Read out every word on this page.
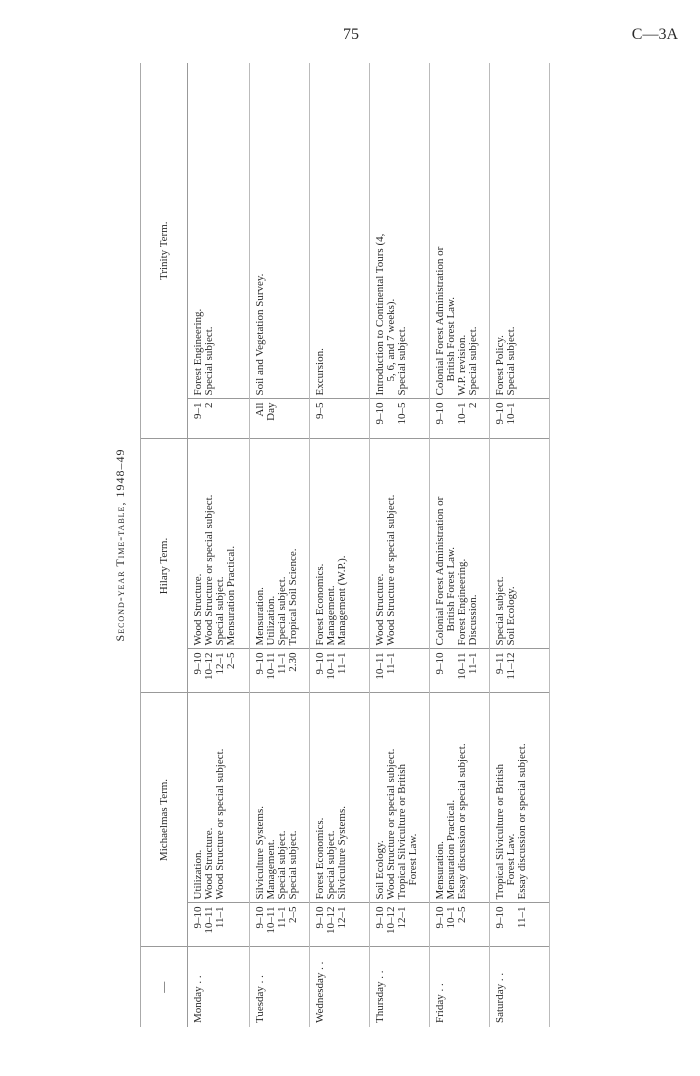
75	C—3A
Second-year Time-table, 1948–49
—	Michaelmas Term.		Hilary Term.		Trinity Term.	
Monday . .	9–10 10–11 11–1	Utilization. Wood Structure. Wood Structure or special subject.	9–10 10–12 12–1 2–5	Wood Structure. Wood Structure or special subject. Special subject. Mensuration Practical.	9–1 2	Forest Engineering. Special subject.

Tuesday . .	9–10 10–11 11–1 2–5	Silviculture Systems. Management. Special subject. Special subject.	9–10 10–11 11–1 2.30	Mensuration. Utilization. Special subject. Tropical Soil Science.	All Day	Soil and Vegetation Survey.

Wednesday . .	9–10 10–12 12–1	Forest Economics. Special subject. Silviculture Systems.	9–10 10–11 11–1	Forest Economics. Management. Management (W.P.).	9–5	Excursion.

Thursday . .	9–10 10–12 12–1	Soil Ecology. Wood Structure or special subject. Tropical Silviculture or British Forest Law.	10–11 11–1	Wood Structure. Wood Structure or special subject.	9–10 10–5	Introduction to Continental Tours (4, 5, 6, and 7 weeks). Special subject.

Friday . .	9–10 10–1 2–5	Mensuration. Mensuration Practical. Essay discussion or special subject.	9–10 10–11 11–1	Colonial Forest Administration or British Forest Law. Forest Engineering. Discussion.	9–10 10–1 2	Colonial Forest Administration or British Forest Law. W.P. revision. Special subject.

Saturday . .	9–10 11–1	Tropical Silviculture or British Forest Law. Essay discussion or special subject.	9–11 11–12	Special subject. Soil Ecology.	9–10 10–1	Forest Policy. Special subject.
